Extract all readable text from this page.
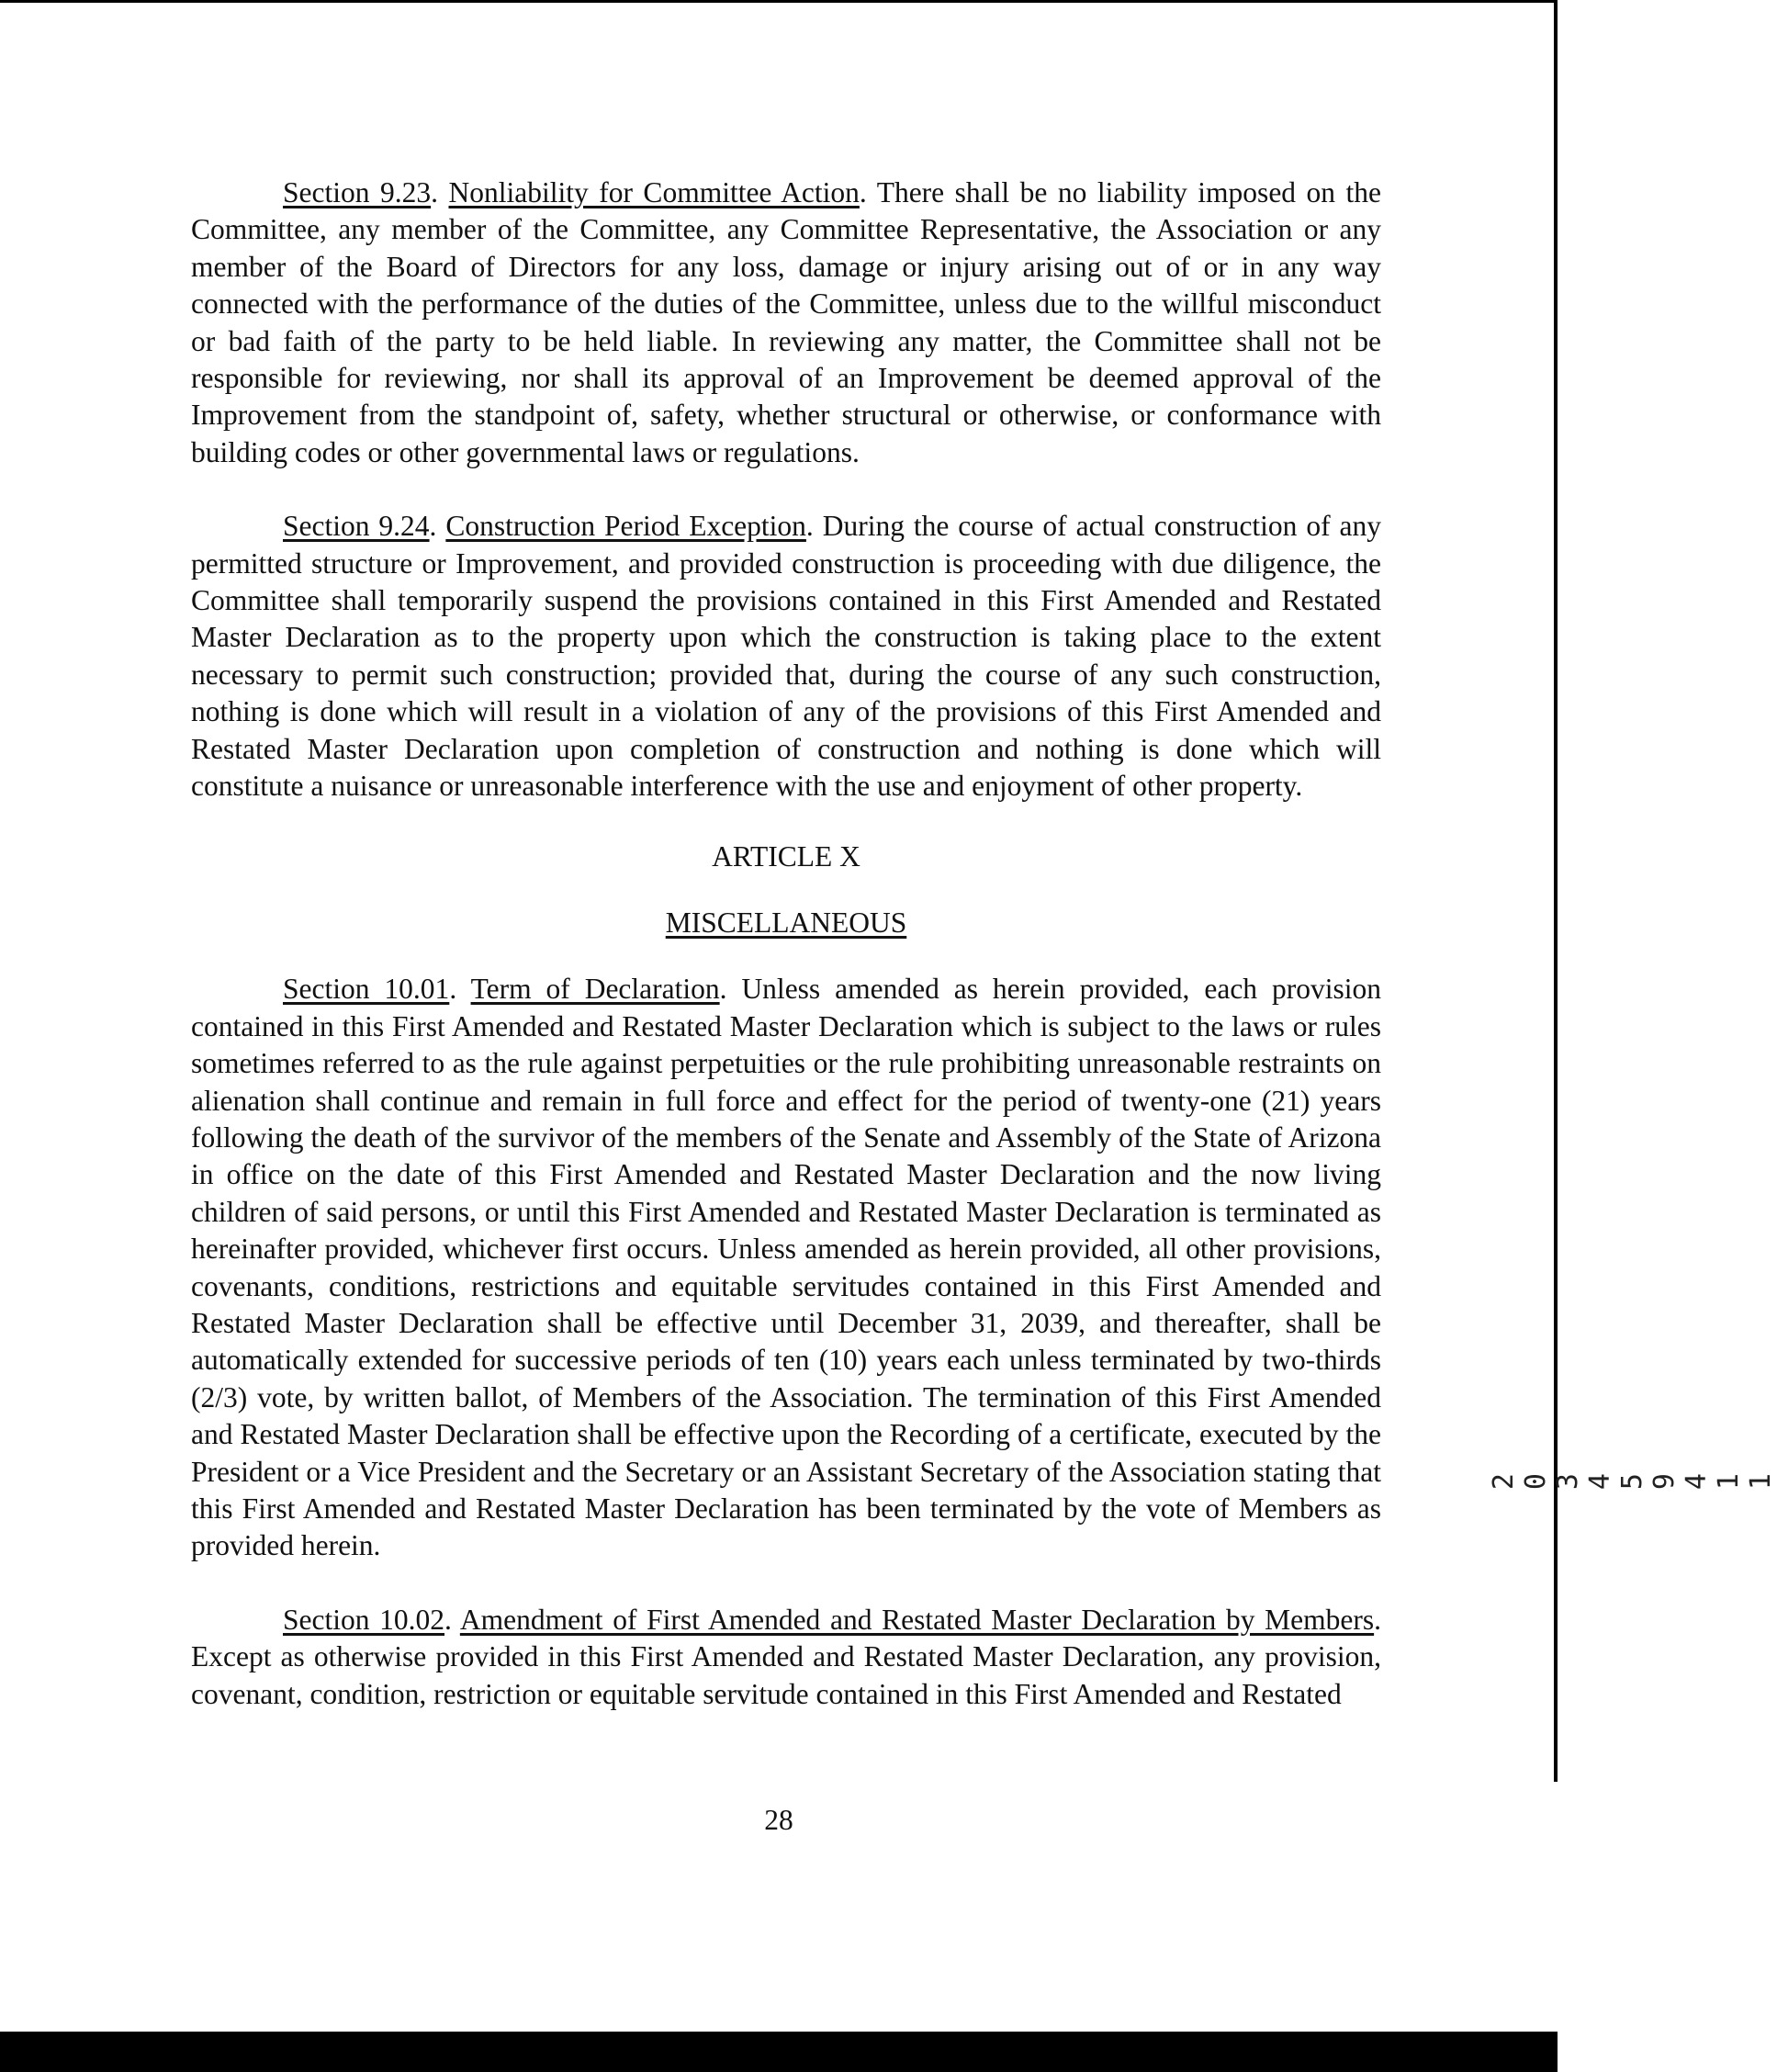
Section 9.23. Nonliability for Committee Action. There shall be no liability imposed on the Committee, any member of the Committee, any Committee Representative, the Association or any member of the Board of Directors for any loss, damage or injury arising out of or in any way connected with the performance of the duties of the Committee, unless due to the willful misconduct or bad faith of the party to be held liable. In reviewing any matter, the Committee shall not be responsible for reviewing, nor shall its approval of an Improvement be deemed approval of the Improvement from the standpoint of, safety, whether structural or otherwise, or conformance with building codes or other governmental laws or regulations.

Section 9.24. Construction Period Exception. During the course of actual construction of any permitted structure or Improvement, and provided construction is proceeding with due diligence, the Committee shall temporarily suspend the provisions contained in this First Amended and Restated Master Declaration as to the property upon which the construction is taking place to the extent necessary to permit such construction; provided that, during the course of any such construction, nothing is done which will result in a violation of any of the provisions of this First Amended and Restated Master Declaration upon completion of construction and nothing is done which will constitute a nuisance or unreasonable interference with the use and enjoyment of other property.

ARTICLE X

MISCELLANEOUS

Section 10.01. Term of Declaration. Unless amended as herein provided, each provision contained in this First Amended and Restated Master Declaration which is subject to the laws or rules sometimes referred to as the rule against perpetuities or the rule prohibiting unreasonable restraints on alienation shall continue and remain in full force and effect for the period of twenty-one (21) years following the death of the survivor of the members of the Senate and Assembly of the State of Arizona in office on the date of this First Amended and Restated Master Declaration and the now living children of said persons, or until this First Amended and Restated Master Declaration is terminated as hereinafter provided, whichever first occurs. Unless amended as herein provided, all other provisions, covenants, conditions, restrictions and equitable servitudes contained in this First Amended and Restated Master Declaration shall be effective until December 31, 2039, and thereafter, shall be automatically extended for successive periods of ten (10) years each unless terminated by two-thirds (2/3) vote, by written ballot, of Members of the Association. The termination of this First Amended and Restated Master Declaration shall be effective upon the Recording of a certificate, executed by the President or a Vice President and the Secretary or an Assistant Secretary of the Association stating that this First Amended and Restated Master Declaration has been terminated by the vote of Members as provided herein.

Section 10.02. Amendment of First Amended and Restated Master Declaration by Members. Except as otherwise provided in this First Amended and Restated Master Declaration, any provision, covenant, condition, restriction or equitable servitude contained in this First Amended and Restated

28
2 0 3 4 5 9 4 1 1
